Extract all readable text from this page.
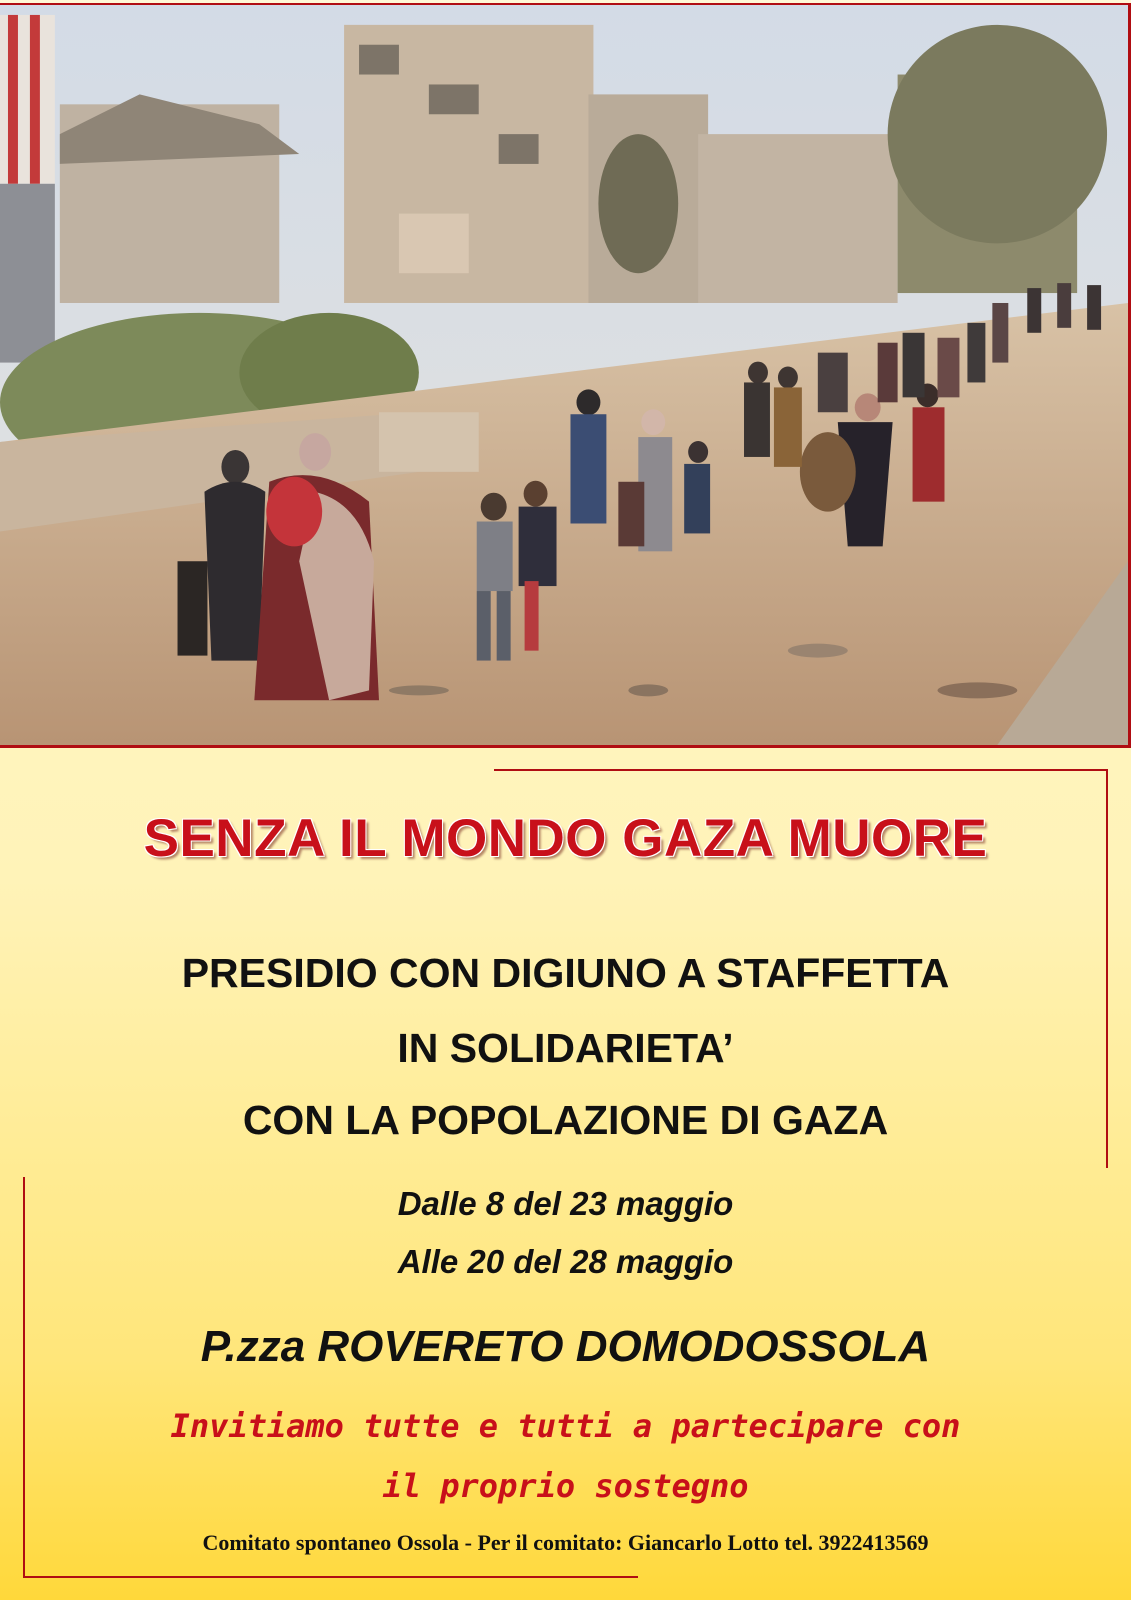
SENZA IL MONDO GAZA MUORE
PRESIDIO CON DIGIUNO A STAFFETTA
IN SOLIDARIETA’
CON LA POPOLAZIONE DI GAZA
Dalle 8 del 23 maggio
Alle 20 del 28 maggio
P.zza ROVERETO DOMODOSSOLA
Invitiamo tutte e tutti a partecipare con
il proprio sostegno
Comitato spontaneo Ossola - Per il comitato: Giancarlo Lotto tel. 3922413569
